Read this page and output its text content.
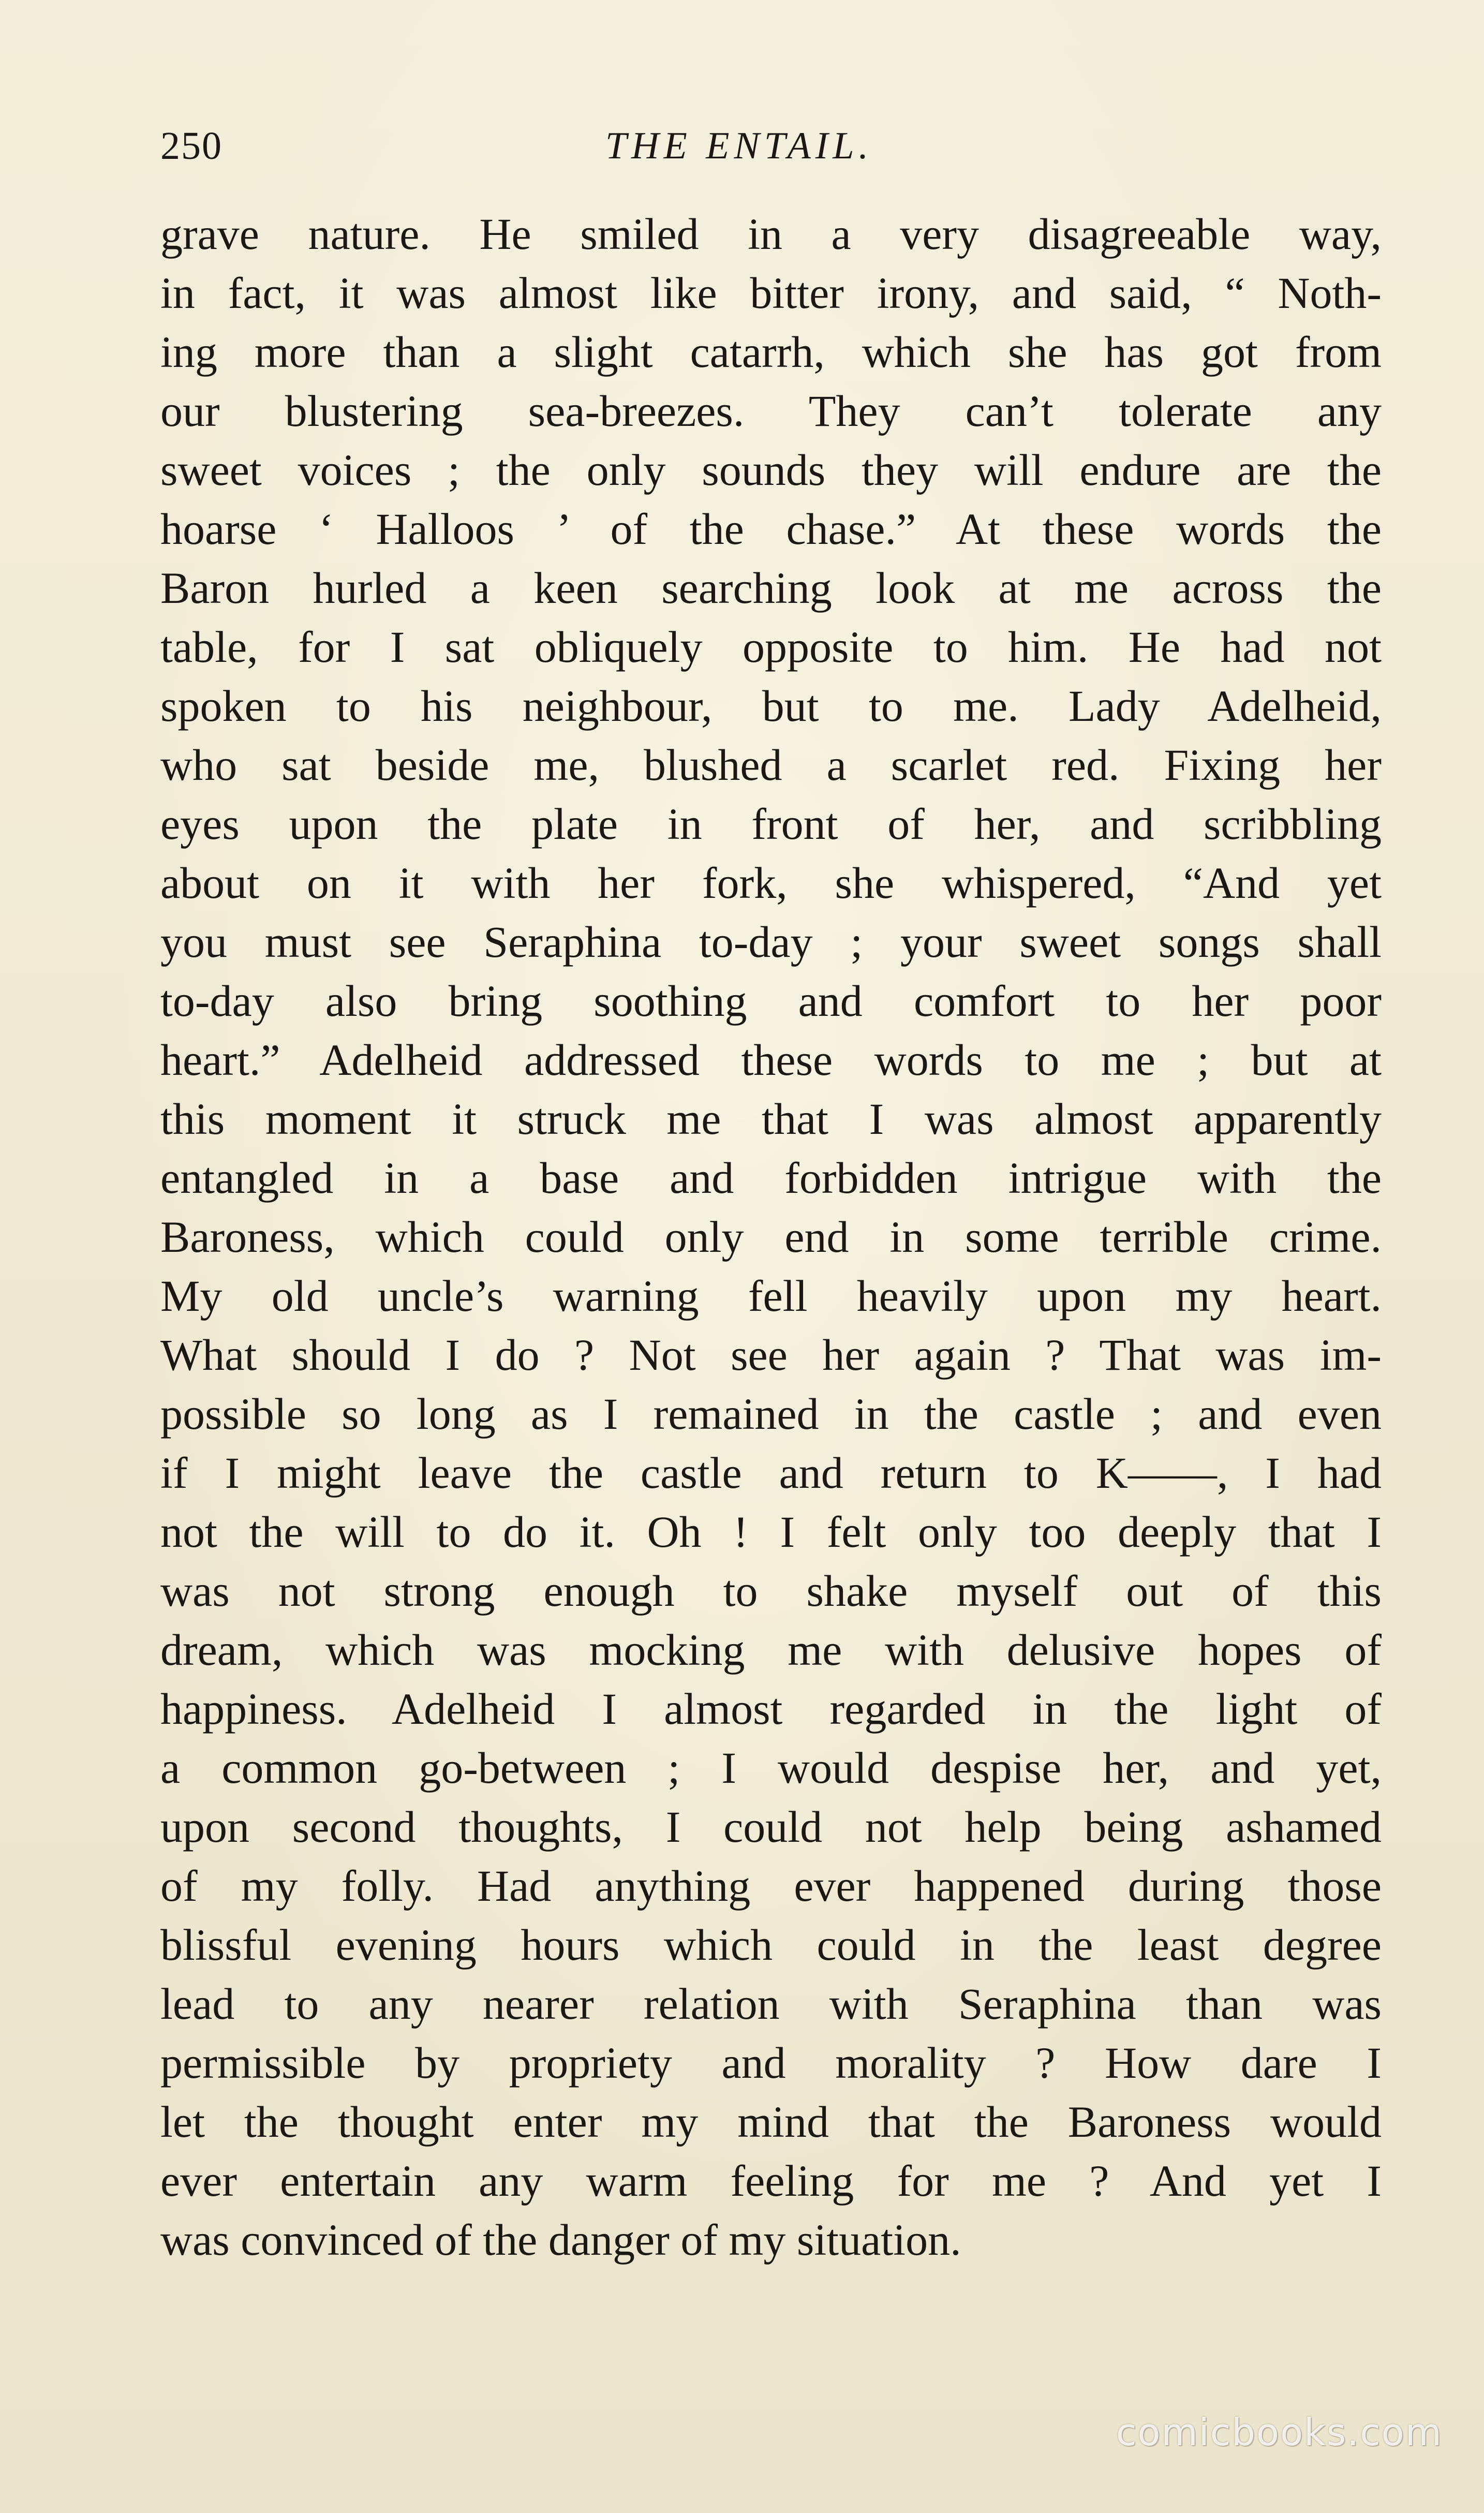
250	THE ENTAIL.
grave nature. He smiled in a very disagreeable way,
in fact, it was almost like bitter irony, and said, “ Noth-
ing more than a slight catarrh, which she has got from
our blustering sea-breezes. They can’t tolerate any
sweet voices ; the only sounds they will endure are the
hoarse ‘ Halloos ’ of the chase.” At these words the
Baron hurled a keen searching look at me across the
table, for I sat obliquely opposite to him. He had not
spoken to his neighbour, but to me. Lady Adelheid,
who sat beside me, blushed a scarlet red. Fixing her
eyes upon the plate in front of her, and scribbling
about on it with her fork, she whispered, “And yet
you must see Seraphina to-day ; your sweet songs shall
to-day also bring soothing and comfort to her poor
heart.” Adelheid addressed these words to me ; but at
this moment it struck me that I was almost apparently
entangled in a base and forbidden intrigue with the
Baroness, which could only end in some terrible crime.
My old uncle’s warning fell heavily upon my heart.
What should I do ? Not see her again ? That was im-
possible so long as I remained in the castle ; and even
if I might leave the castle and return to K——, I had
not the will to do it. Oh ! I felt only too deeply that I
was not strong enough to shake myself out of this
dream, which was mocking me with delusive hopes of
happiness. Adelheid I almost regarded in the light of
a common go-between ; I would despise her, and yet,
upon second thoughts, I could not help being ashamed
of my folly. Had anything ever happened during those
blissful evening hours which could in the least degree
lead to any nearer relation with Seraphina than was
permissible by propriety and morality ? How dare I
let the thought enter my mind that the Baroness would
ever entertain any warm feeling for me ? And yet I
was convinced of the danger of my situation.
comicbooks.com
